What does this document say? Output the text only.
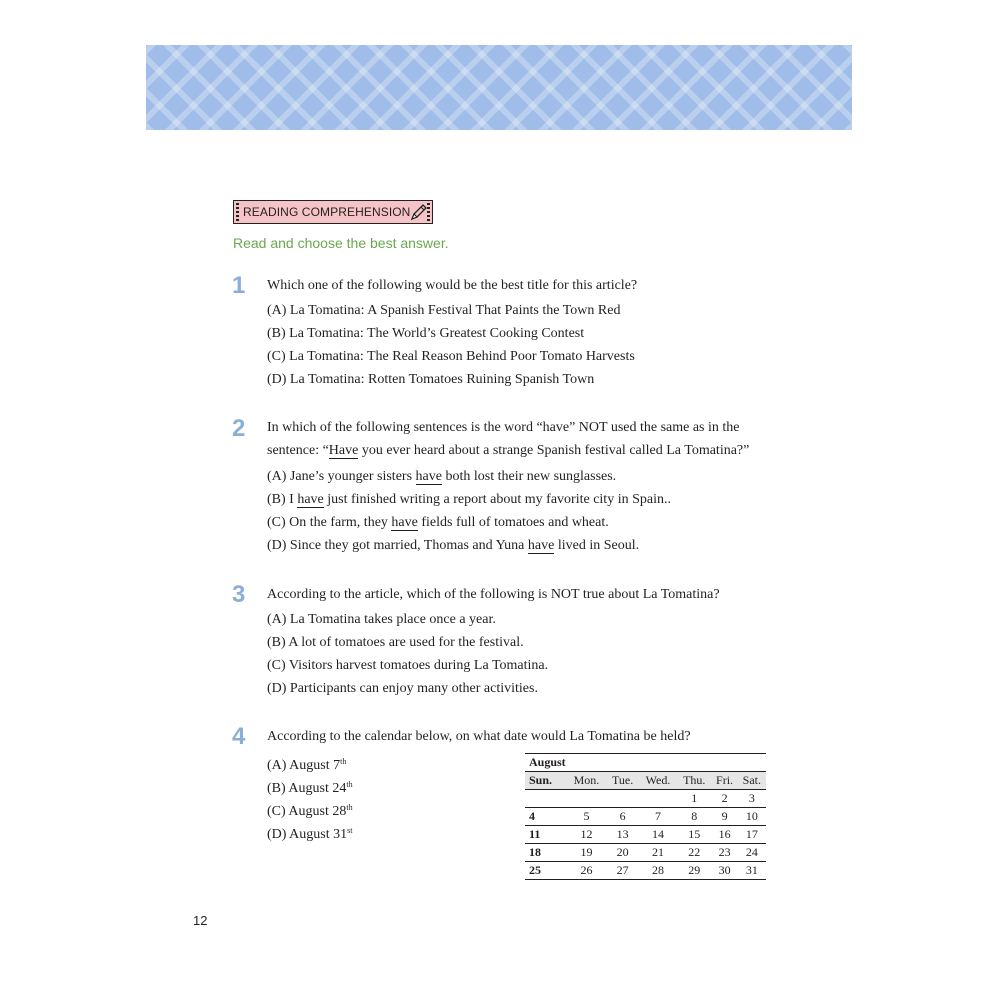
READING COMPREHENSION
Read and choose the best answer.
1 Which one of the following would be the best title for this article?
(A) La Tomatina: A Spanish Festival That Paints the Town Red
(B) La Tomatina: The World’s Greatest Cooking Contest
(C) La Tomatina: The Real Reason Behind Poor Tomato Harvests
(D) La Tomatina: Rotten Tomatoes Ruining Spanish Town
2 In which of the following sentences is the word “have” NOT used the same as in the
sentence: “Have you ever heard about a strange Spanish festival called La Tomatina?”
(A) Jane’s younger sisters have both lost their new sunglasses.
(B) I have just finished writing a report about my favorite city in Spain..
(C) On the farm, they have fields full of tomatoes and wheat.
(D) Since they got married, Thomas and Yuna have lived in Seoul.
3 According to the article, which of the following is NOT true about La Tomatina?
(A) La Tomatina takes place once a year.
(B) A lot of tomatoes are used for the festival.
(C) Visitors harvest tomatoes during La Tomatina.
(D) Participants can enjoy many other activities.
4 According to the calendar below, on what date would La Tomatina be held?
(A) August 7th
(B) August 24th
(C) August 28th
(D) August 31st
August						
Sun.	Mon.	Tue.	Wed.	Thu.	Fri.	Sat.
				1	2	3
4	5	6	7	8	9	10
11	12	13	14	15	16	17
18	19	20	21	22	23	24
25	26	27	28	29	30	31
12
